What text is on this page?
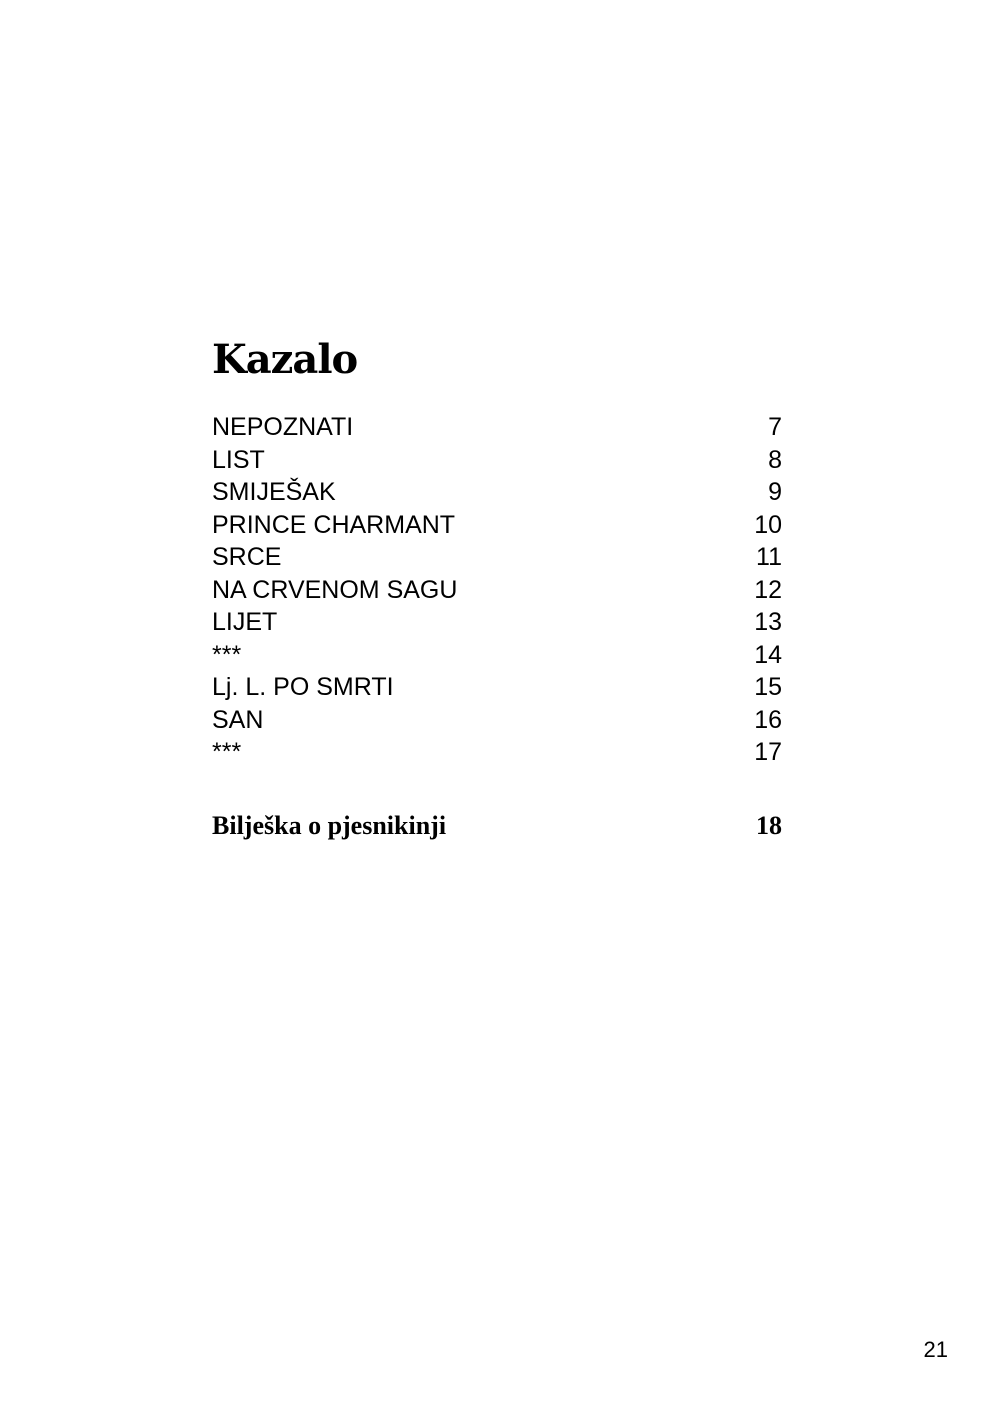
Kazalo
NEPOZNATI	7
LIST	8
SMIJEŠAK	9
PRINCE CHARMANT	10
SRCE	11
NA CRVENOM SAGU	12
LIJET	13
***	14
Lj. L. PO SMRTI	15
SAN	16
***	17
Bilješka o pjesnikinji	18
21
